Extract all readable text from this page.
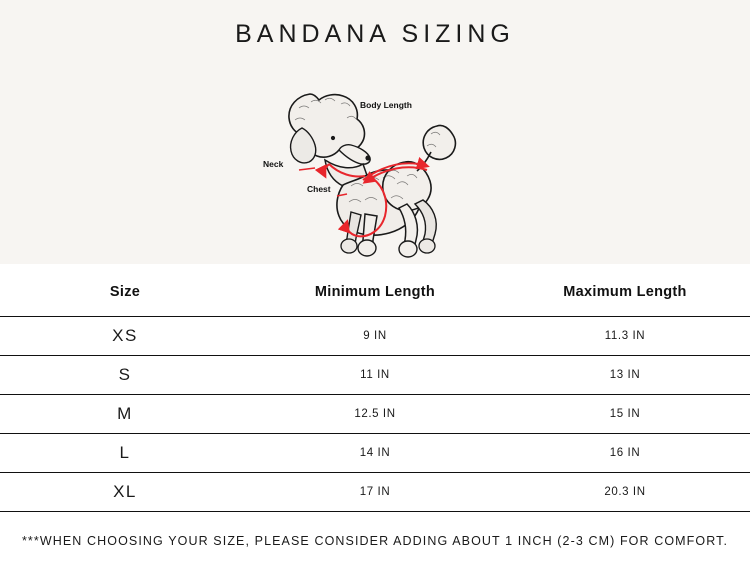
BANDANA SIZING
Body Length
Neck
Chest
Size	Minimum Length	Maximum Length
XS	9 IN	11.3 IN
S	11 IN	13 IN
M	12.5 IN	15 IN
L	14 IN	16 IN
XL	17 IN	20.3 IN
***WHEN CHOOSING YOUR SIZE, PLEASE CONSIDER ADDING ABOUT 1 INCH (2-3 CM) FOR COMFORT.
